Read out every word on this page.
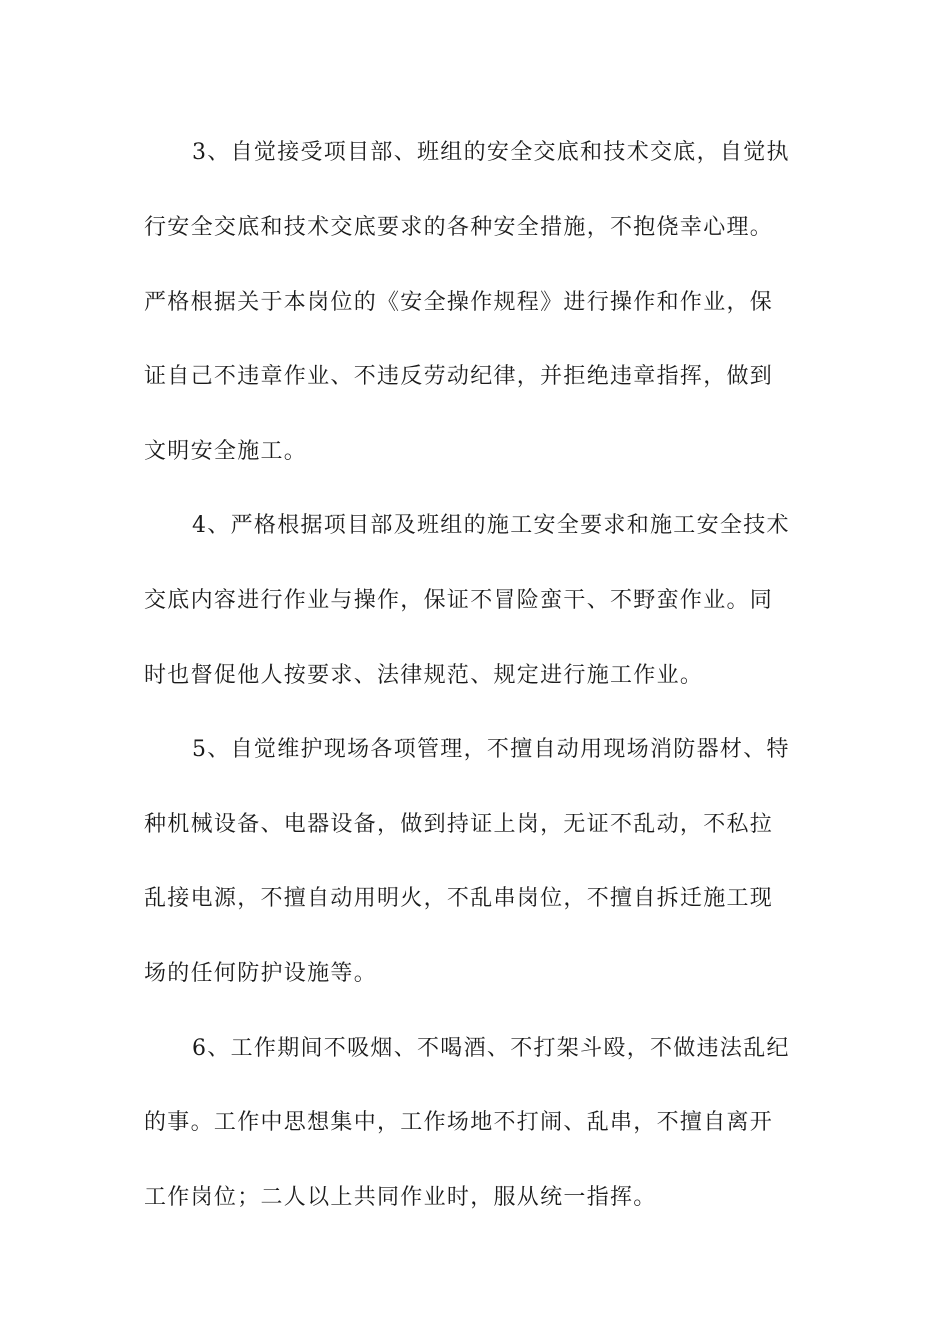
3、自觉接受项目部、班组的安全交底和技术交底，自觉执
行安全交底和技术交底要求的各种安全措施，不抱侥幸心理。
严格根据关于本岗位的《安全操作规程》进行操作和作业，保
证自己不违章作业、不违反劳动纪律，并拒绝违章指挥，做到
文明安全施工。
4、严格根据项目部及班组的施工安全要求和施工安全技术
交底内容进行作业与操作，保证不冒险蛮干、不野蛮作业。同
时也督促他人按要求、法律规范、规定进行施工作业。
5、自觉维护现场各项管理，不擅自动用现场消防器材、特
种机械设备、电器设备，做到持证上岗，无证不乱动，不私拉
乱接电源，不擅自动用明火，不乱串岗位，不擅自拆迁施工现
场的任何防护设施等。
6、工作期间不吸烟、不喝酒、不打架斗殴，不做违法乱纪
的事。工作中思想集中，工作场地不打闹、乱串，不擅自离开
工作岗位；二人以上共同作业时，服从统一指挥。
